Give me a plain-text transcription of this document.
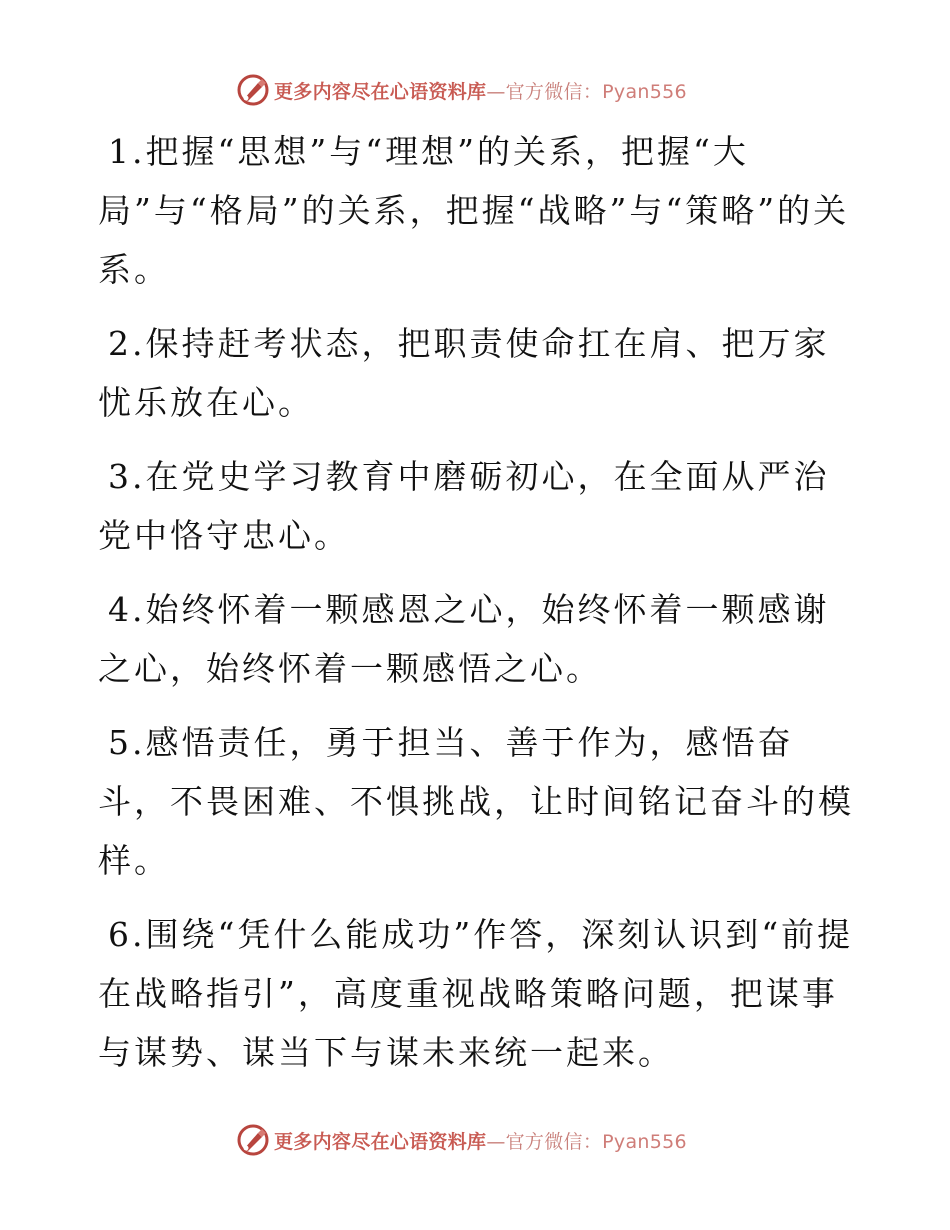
更多内容尽在心语资料库—官方微信：Pyan556
1.把握“思想”与“理想”的关系，把握“大局”与“格局”的关系，把握“战略”与“策略”的关系。
2.保持赶考状态，把职责使命扛在肩、把万家忧乐放在心。
3.在党史学习教育中磨砺初心，在全面从严治党中恪守忠心。
4.始终怀着一颗感恩之心，始终怀着一颗感谢之心，始终怀着一颗感悟之心。
5.感悟责任，勇于担当、善于作为，感悟奋斗，不畏困难、不惧挑战，让时间铭记奋斗的模样。
6.围绕“凭什么能成功”作答，深刻认识到“前提在战略指引”，高度重视战略策略问题，把谋事与谋势、谋当下与谋未来统一起来。
更多内容尽在心语资料库—官方微信：Pyan556
